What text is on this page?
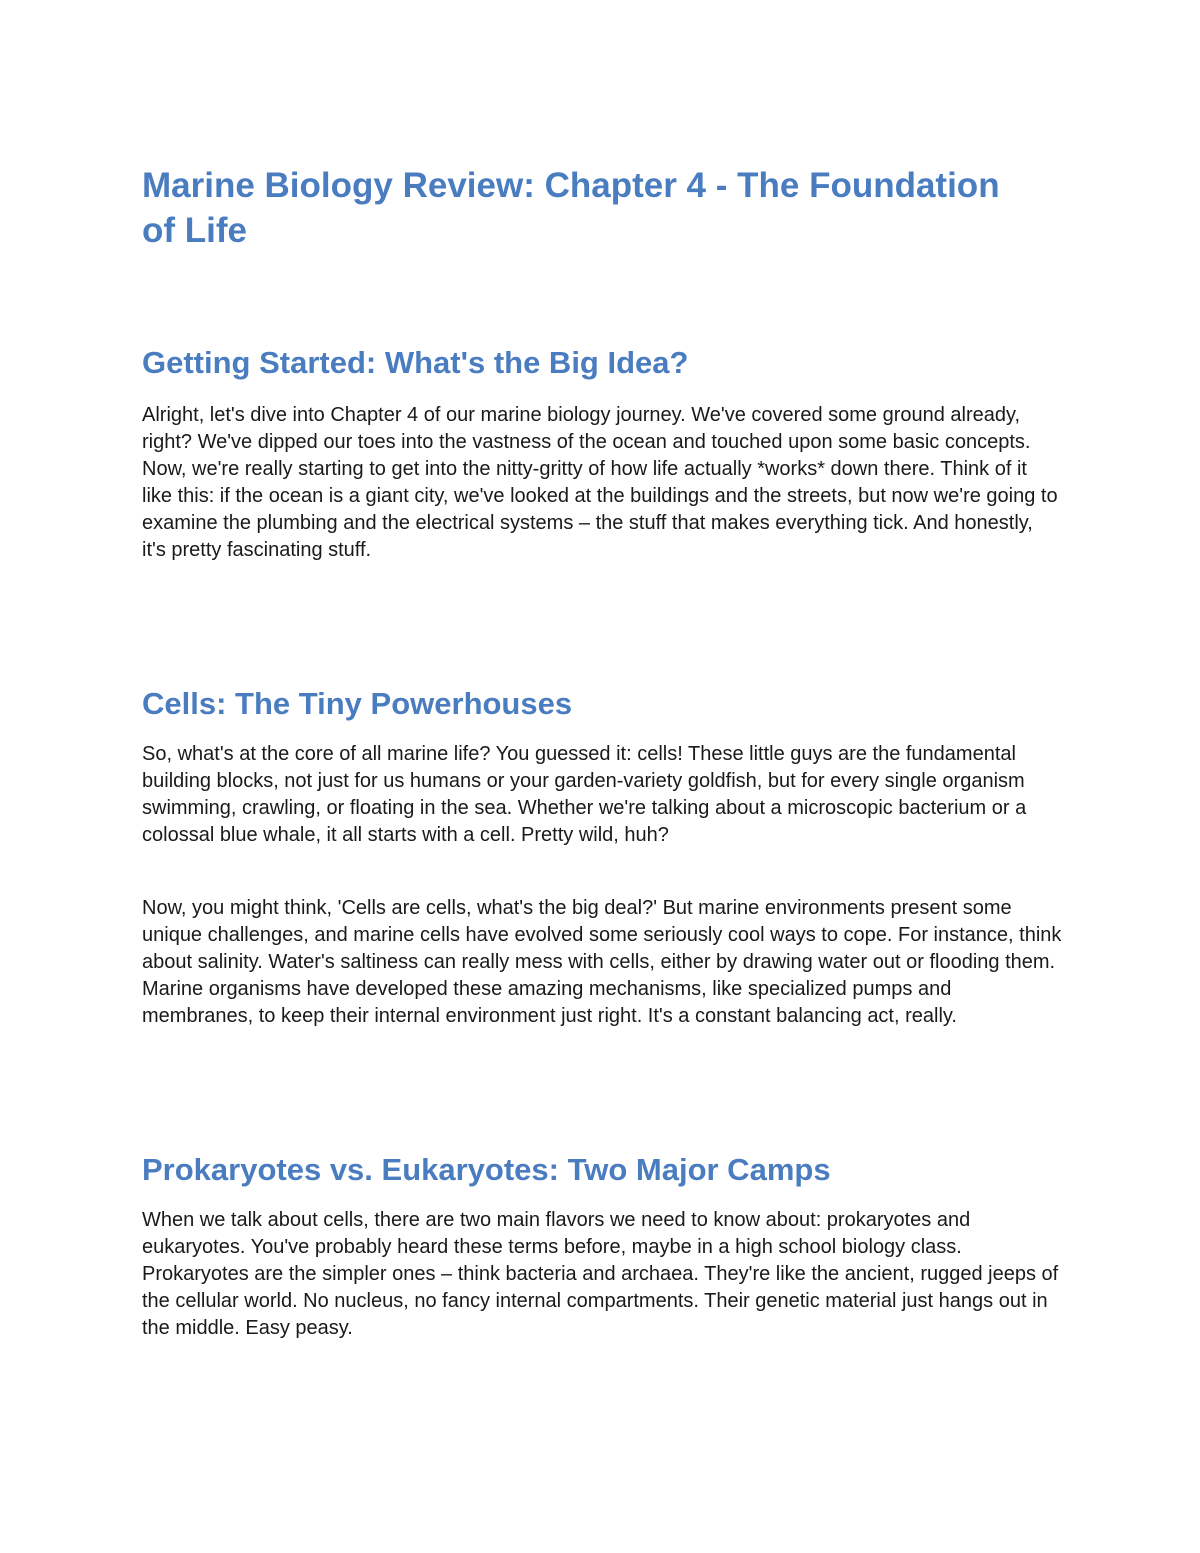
Marine Biology Review: Chapter 4 - The Foundation of Life
Getting Started: What's the Big Idea?

Alright, let's dive into Chapter 4 of our marine biology journey. We've covered some ground already, right? We've dipped our toes into the vastness of the ocean and touched upon some basic concepts. Now, we're really starting to get into the nitty-gritty of how life actually *works* down there. Think of it like this: if the ocean is a giant city, we've looked at the buildings and the streets, but now we're going to examine the plumbing and the electrical systems – the stuff that makes everything tick. And honestly, it's pretty fascinating stuff.

Cells: The Tiny Powerhouses

So, what's at the core of all marine life? You guessed it: cells! These little guys are the fundamental building blocks, not just for us humans or your garden-variety goldfish, but for every single organism swimming, crawling, or floating in the sea. Whether we're talking about a microscopic bacterium or a colossal blue whale, it all starts with a cell. Pretty wild, huh?

Now, you might think, 'Cells are cells, what's the big deal?' But marine environments present some unique challenges, and marine cells have evolved some seriously cool ways to cope. For instance, think about salinity. Water's saltiness can really mess with cells, either by drawing water out or flooding them. Marine organisms have developed these amazing mechanisms, like specialized pumps and membranes, to keep their internal environment just right. It's a constant balancing act, really.

Prokaryotes vs. Eukaryotes: Two Major Camps

When we talk about cells, there are two main flavors we need to know about: prokaryotes and eukaryotes. You've probably heard these terms before, maybe in a high school biology class. Prokaryotes are the simpler ones – think bacteria and archaea. They're like the ancient, rugged jeeps of the cellular world. No nucleus, no fancy internal compartments. Their genetic material just hangs out in the middle. Easy peasy.
